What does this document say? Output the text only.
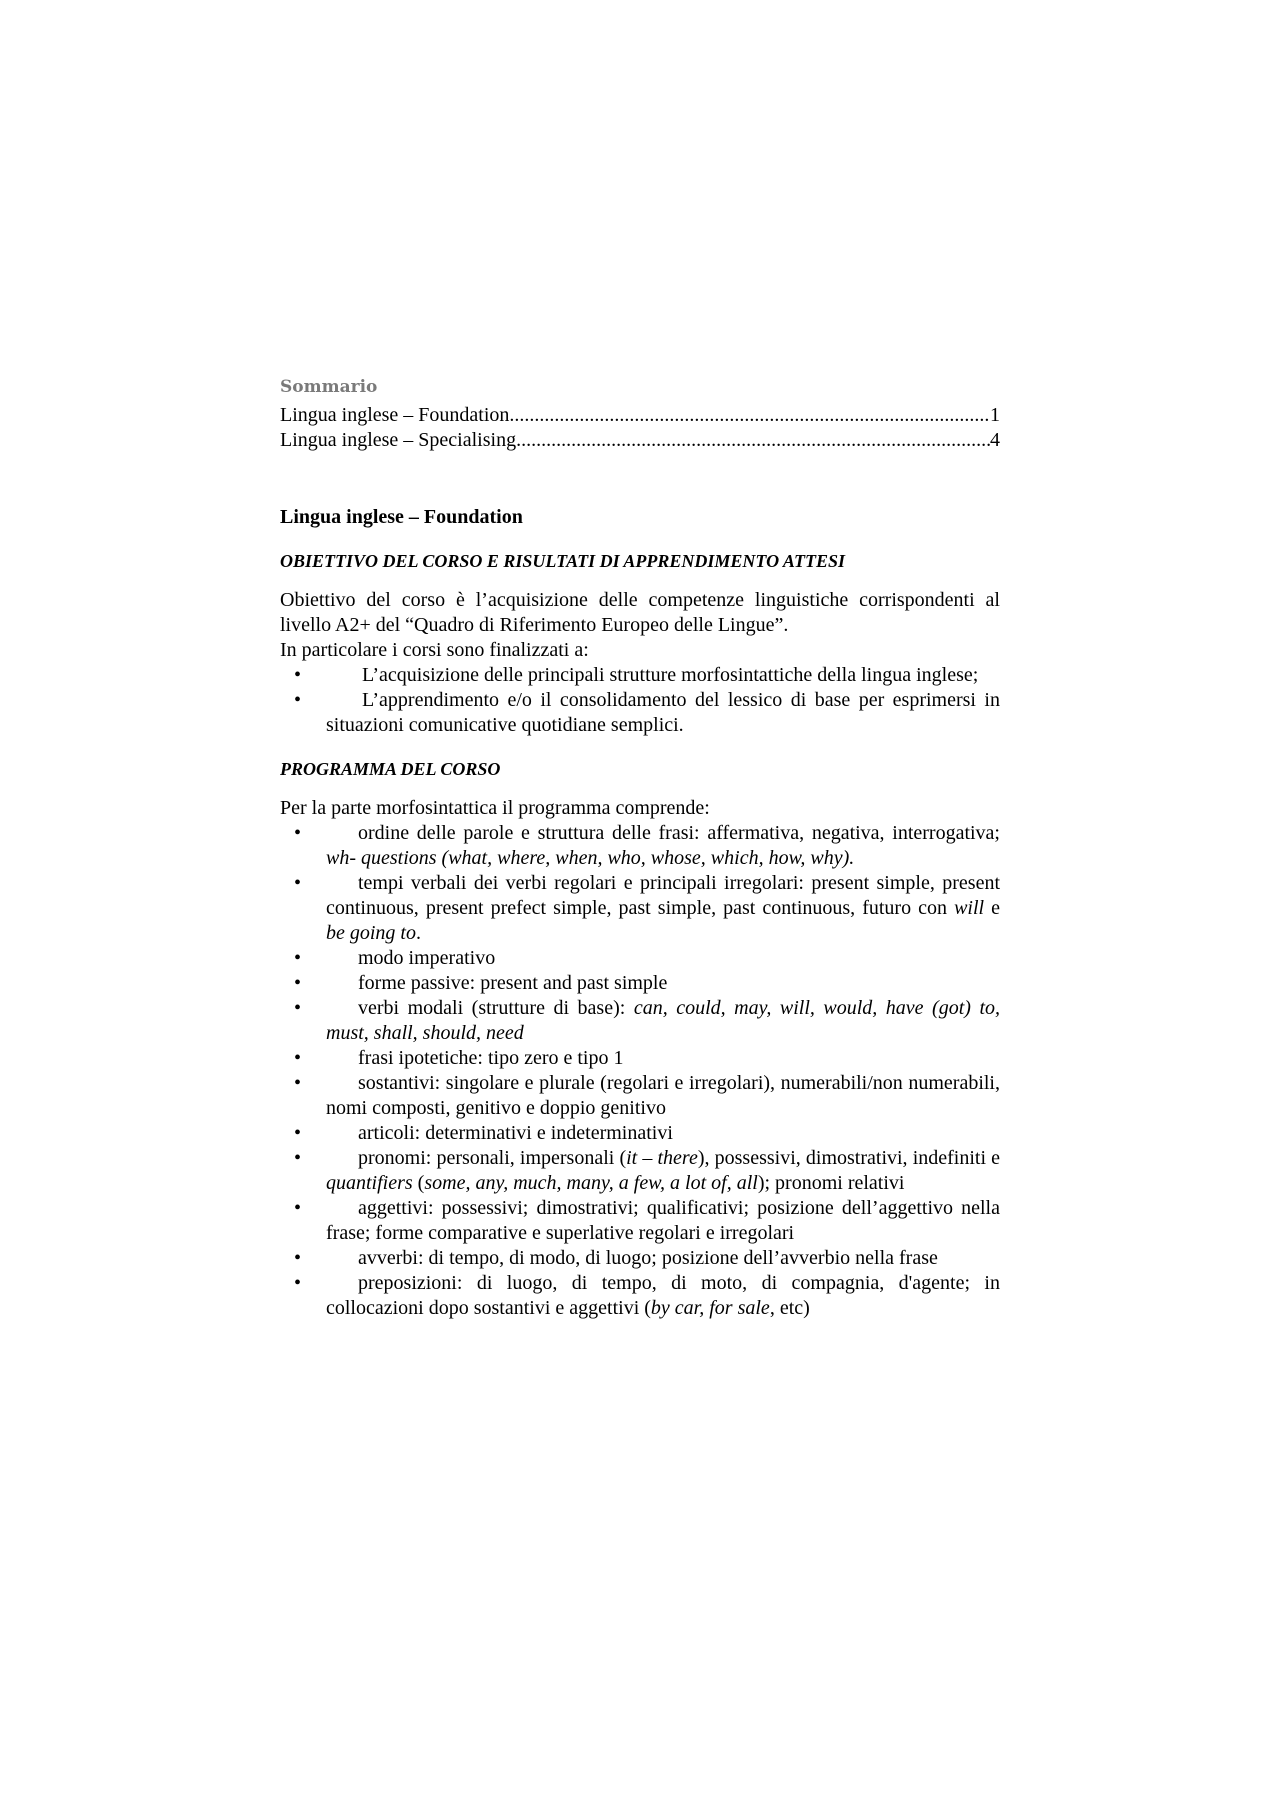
Sommario
Lingua inglese – Foundation .....	1
Lingua inglese – Specialising .....	4
Lingua inglese – Foundation
OBIETTIVO DEL CORSO E RISULTATI DI APPRENDIMENTO ATTESI

Obiettivo del corso è l’acquisizione delle competenze linguistiche corrispondenti al livello A2+ del “Quadro di Riferimento Europeo delle Lingue”.

In particolare i corsi sono finalizzati a:

•	L’acquisizione delle principali strutture morfosintattiche della lingua inglese;
•	L’apprendimento e/o il consolidamento del lessico di base per esprimersi in situazioni comunicative quotidiane semplici.
PROGRAMMA DEL CORSO

Per la parte morfosintattica il programma comprende:

•	ordine delle parole e struttura delle frasi: affermativa, negativa, interrogativa; wh- questions (what, where, when, who, whose, which, how, why).
•	tempi verbali dei verbi regolari e principali irregolari: present simple, present continuous, present prefect simple, past simple, past continuous, futuro con will e be going to.
•	modo imperativo
•	forme passive: present and past simple
•	verbi modali (strutture di base): can, could, may, will, would, have (got) to, must, shall, should, need
•	frasi ipotetiche: tipo zero e tipo 1
•	sostantivi: singolare e plurale (regolari e irregolari), numerabili/non numerabili, nomi composti, genitivo e doppio genitivo
•	articoli: determinativi e indeterminativi
•	pronomi: personali, impersonali (it – there), possessivi, dimostrativi, indefiniti e quantifiers (some, any, much, many, a few, a lot of, all); pronomi relativi
•	aggettivi: possessivi; dimostrativi; qualificativi; posizione dell’aggettivo nella frase; forme comparative e superlative regolari e irregolari
•	avverbi: di tempo, di modo, di luogo; posizione dell’avverbio nella frase
•	preposizioni: di luogo, di tempo, di moto, di compagnia, d'agente; in collocazioni dopo sostantivi e aggettivi (by car, for sale, etc)
